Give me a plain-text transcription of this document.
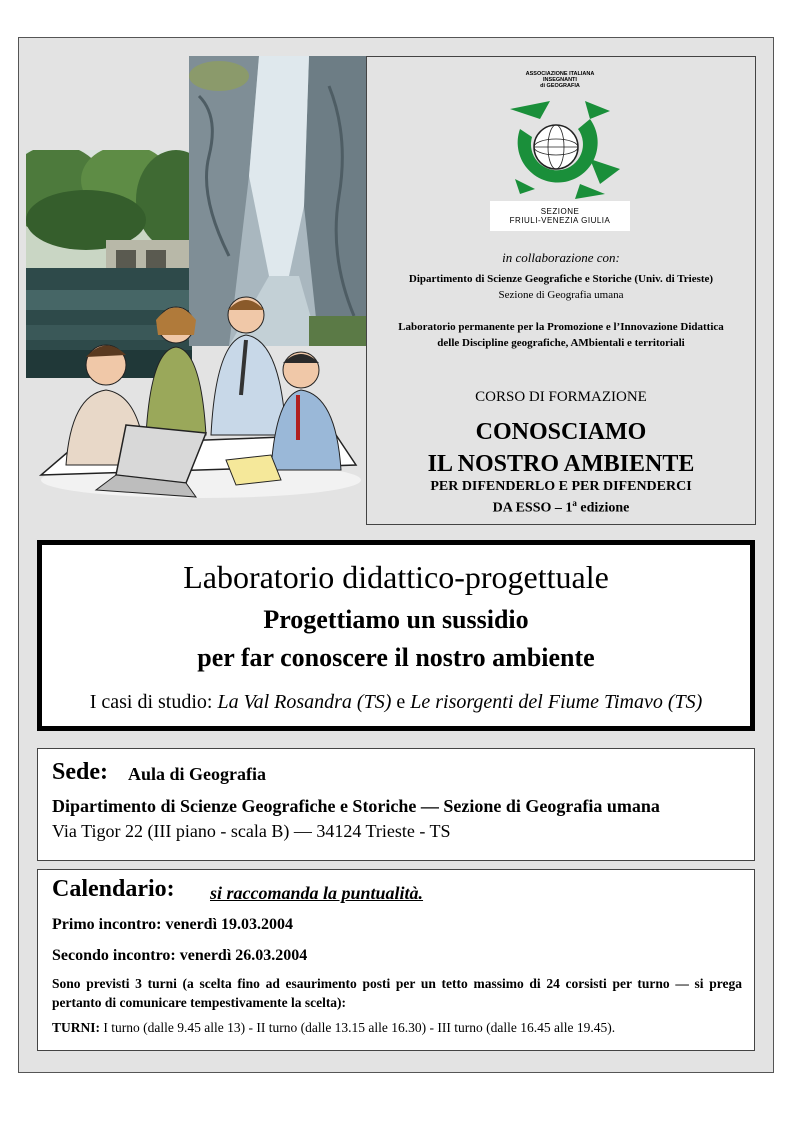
ASSOCIAZIONE ITALIANA
INSEGNANTI
di GEOGRAFIA
SEZIONE
FRIULI-VENEZIA GIULIA
in collaborazione con:
Dipartimento di Scienze Geografiche e Storiche (Univ. di Trieste)
Sezione di Geografia umana
Laboratorio permanente per la Promozione e l’Innovazione Didattica
delle Discipline geografiche, AMbientali e territoriali
CORSO DI FORMAZIONE
CONOSCIAMO
IL NOSTRO AMBIENTE
PER DIFENDERLO E PER DIFENDERCI
DA ESSO – 1$^a$ edizione
Laboratorio didattico-progettuale
Progettiamo un sussidio
per far conoscere il nostro ambiente
I casi di studio: La Val Rosandra (TS) e Le risorgenti del Fiume Timavo (TS)
Sede: Aula di Geografia
Dipartimento di Scienze Geografiche e Storiche — Sezione di Geografia umana
Via Tigor 22 (III piano - scala B) — 34124 Trieste - TS
Calendario: si raccomanda la puntualità.
Primo incontro: venerdì 19.03.2004
Secondo incontro: venerdì 26.03.2004
Sono previsti 3 turni (a scelta fino ad esaurimento posti per un tetto massimo di 24 corsisti per turno — si prega pertanto di comunicare tempestivamente la scelta):
TURNI: I turno (dalle 9.45 alle 13) - II turno (dalle 13.15 alle 16.30) - III turno (dalle 16.45 alle 19.45).
